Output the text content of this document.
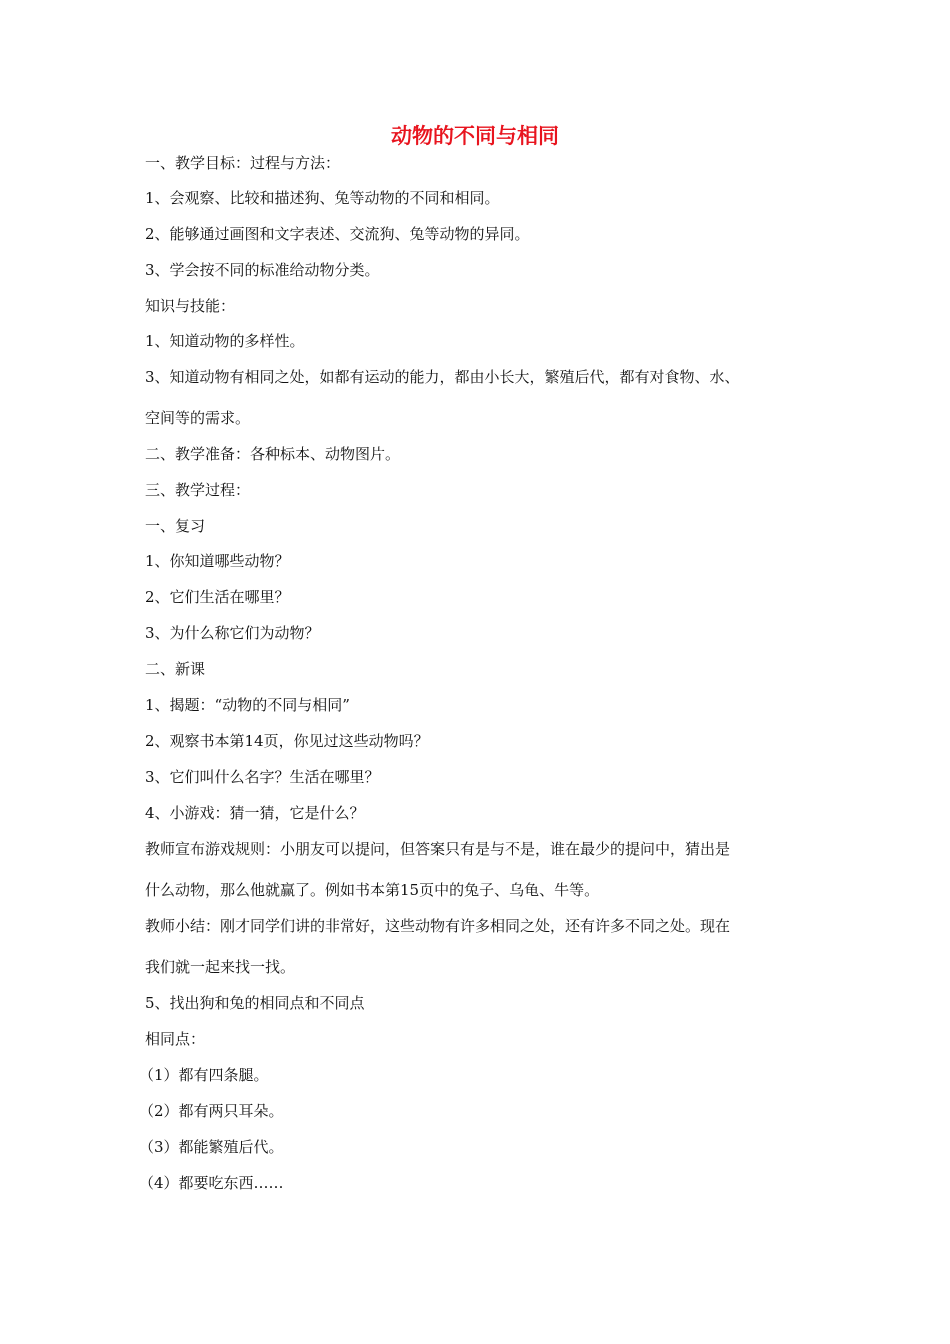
动物的不同与相同
一、教学目标：过程与方法：
1、会观察、比较和描述狗、兔等动物的不同和相同。
2、能够通过画图和文字表述、交流狗、兔等动物的异同。
3、学会按不同的标准给动物分类。
知识与技能：
1、知道动物的多样性。
3、知道动物有相同之处，如都有运动的能力，都由小长大，繁殖后代，都有对食物、水、
空间等的需求。
二、教学准备：各种标本、动物图片。
三、教学过程：
一、复习
1、你知道哪些动物？
2、它们生活在哪里？
3、为什么称它们为动物？
二、新课
1、揭题：“动物的不同与相同”
2、观察书本第14页，你见过这些动物吗？
3、它们叫什么名字？生活在哪里？
4、小游戏：猜一猜，它是什么？
教师宣布游戏规则：小朋友可以提问，但答案只有是与不是，谁在最少的提问中，猜出是
什么动物，那么他就赢了。例如书本第15页中的兔子、乌龟、牛等。
教师小结：刚才同学们讲的非常好，这些动物有许多相同之处，还有许多不同之处。现在
我们就一起来找一找。
5、找出狗和兔的相同点和不同点
相同点：
（1）都有四条腿。
（2）都有两只耳朵。
（3）都能繁殖后代。
（4）都要吃东西……
